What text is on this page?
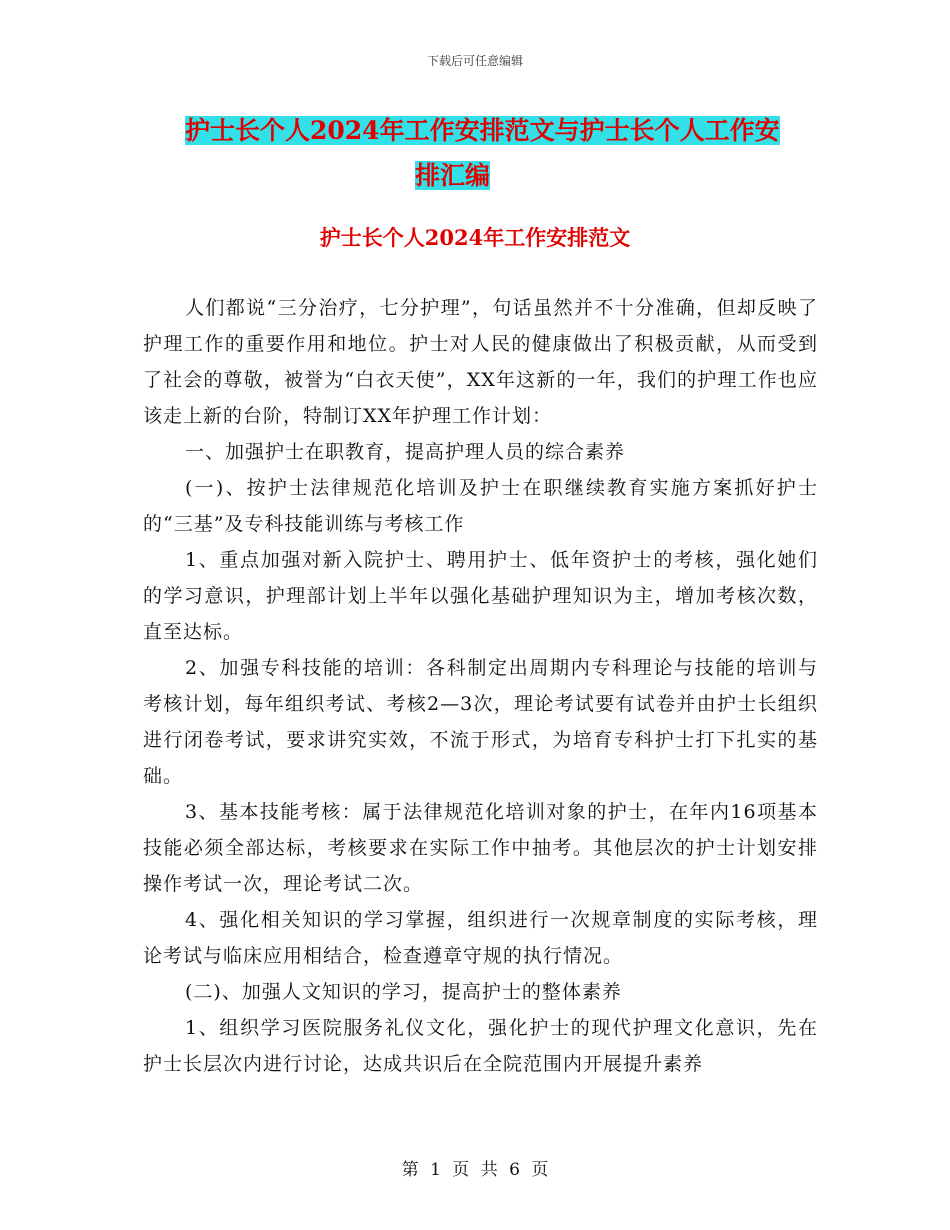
下载后可任意编辑
护士长个人2024年工作安排范文与护士长个人工作安
排汇编
护士长个人2024年工作安排范文

人们都说“三分治疗，七分护理”，句话虽然并不十分准确，但却反映了护理工作的重要作用和地位。护士对人民的健康做出了积极贡献，从而受到了社会的尊敬，被誉为“白衣天使”，XX年这新的一年，我们的护理工作也应该走上新的台阶，特制订XX年护理工作计划：

一、加强护士在职教育，提高护理人员的综合素养

(一)、按护士法律规范化培训及护士在职继续教育实施方案抓好护士的“三基”及专科技能训练与考核工作

1、重点加强对新入院护士、聘用护士、低年资护士的考核，强化她们的学习意识，护理部计划上半年以强化基础护理知识为主，增加考核次数，直至达标。

2、加强专科技能的培训：各科制定出周期内专科理论与技能的培训与考核计划，每年组织考试、考核2—3次，理论考试要有试卷并由护士长组织进行闭卷考试，要求讲究实效，不流于形式，为培育专科护士打下扎实的基础。

3、基本技能考核：属于法律规范化培训对象的护士，在年内16项基本技能必须全部达标，考核要求在实际工作中抽考。其他层次的护士计划安排操作考试一次，理论考试二次。

4、强化相关知识的学习掌握，组织进行一次规章制度的实际考核，理论考试与临床应用相结合，检查遵章守规的执行情况。

(二)、加强人文知识的学习，提高护士的整体素养

1、组织学习医院服务礼仪文化，强化护士的现代护理文化意识，先在护士长层次内进行讨论，达成共识后在全院范围内开展提升素养

第 1 页 共 6 页
